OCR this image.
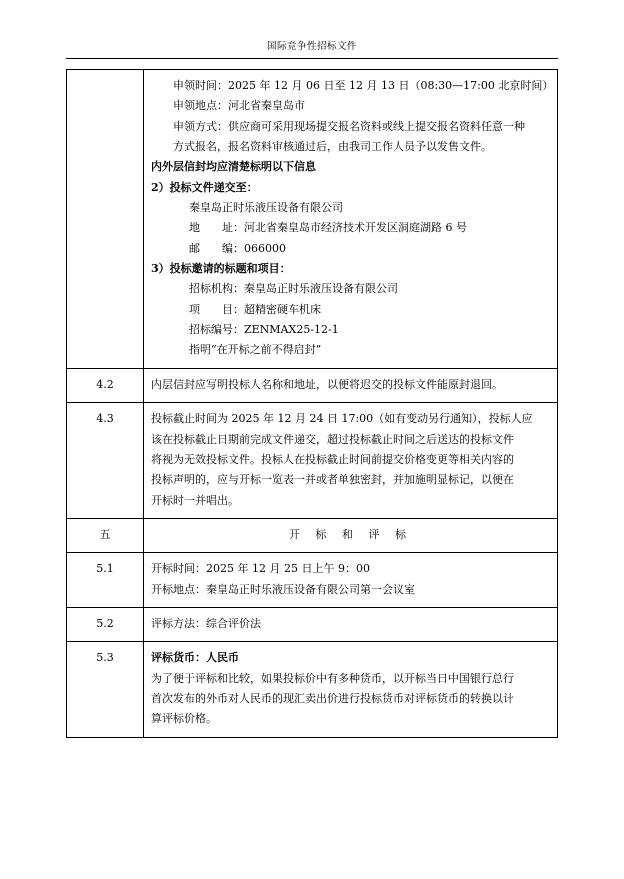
国际竞争性招标文件

申领时间：2025 年 12 月 06 日至 12 月 13 日（08:30—17:00 北京时间）
申领地点：河北省秦皇岛市
申领方式：供应商可采用现场提交报名资料或线上提交报名资料任意一种
方式报名，报名资料审核通过后，由我司工作人员予以发售文件。
内外层信封均应清楚标明以下信息
2）投标文件递交至：
秦皇岛正时乐液压设备有限公司
地　　址：河北省秦皇岛市经济技术开发区洞庭湖路 6 号
邮　　编：066000
3）投标邀请的标题和项目：
招标机构：秦皇岛正时乐液压设备有限公司
项　　目：超精密硬车机床
招标编号：ZENMAX25-12-1
指明“在开标之前不得启封”

4.2	内层信封应写明投标人名称和地址，以便将迟交的投标文件能原封退回。

4.3	投标截止时间为 2025 年 12 月 24 日 17:00（如有变动另行通知），投标人应
该在投标截止日期前完成文件递交，超过投标截止时间之后送达的投标文件
将视为无效投标文件。投标人在投标截止时间前提交价格变更等相关内容的
投标声明的，应与开标一览表一并或者单独密封，并加施明显标记，以便在
开标时一并唱出。

五	开 标 和 评 标
5.1	开标时间：2025 年 12 月 25 日上午 9：00
开标地点：秦皇岛正时乐液压设备有限公司第一会议室

5.2	评标方法：综合评价法

5.3	评标货币：人民币
为了便于评标和比较，如果投标价中有多种货币，以开标当日中国银行总行
首次发布的外币对人民币的现汇卖出价进行投标货币对评标货币的转换以计
算评标价格。
